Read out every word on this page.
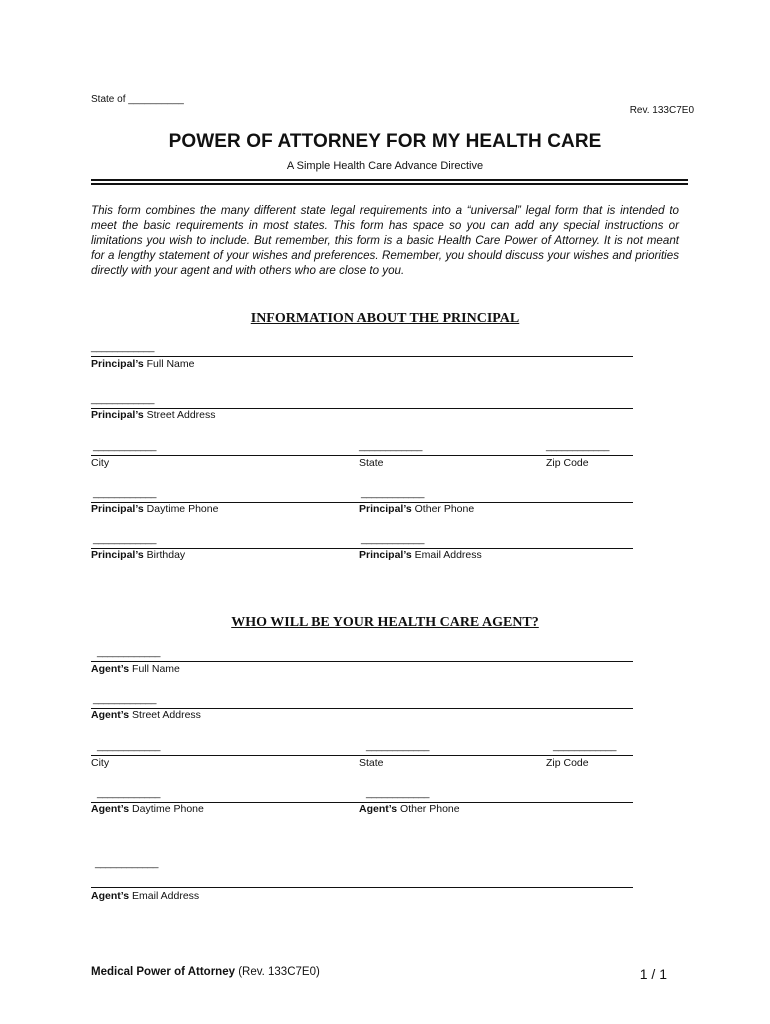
State of __________
Rev. 133C7E0
POWER OF ATTORNEY FOR MY HEALTH CARE
A Simple Health Care Advance Directive
This form combines the many different state legal requirements into a “universal” legal form that is intended to meet the basic requirements in most states. This form has space so you can add any special instructions or limitations you wish to include. But remember, this form is a basic Health Care Power of Attorney. It is not meant for a lengthy statement of your wishes and preferences. Remember, you should discuss your wishes and priorities directly with your agent and with others who are close to you.
INFORMATION ABOUT THE PRINCIPAL
____________
Principal’s Full Name
____________
Principal’s Street Address
____________	____________	____________
City	State	Zip Code
____________	____________
Principal’s Daytime Phone	Principal’s Other Phone
____________	____________
Principal’s Birthday	Principal’s Email Address
WHO WILL BE YOUR HEALTH CARE AGENT?
____________
Agent’s Full Name
____________
Agent’s Street Address
____________	____________	____________
City	State	Zip Code
____________	____________
Agent’s Daytime Phone	Agent’s Other Phone
____________
Agent’s Email Address
Medical Power of Attorney (Rev. 133C7E0)	1 / 1
